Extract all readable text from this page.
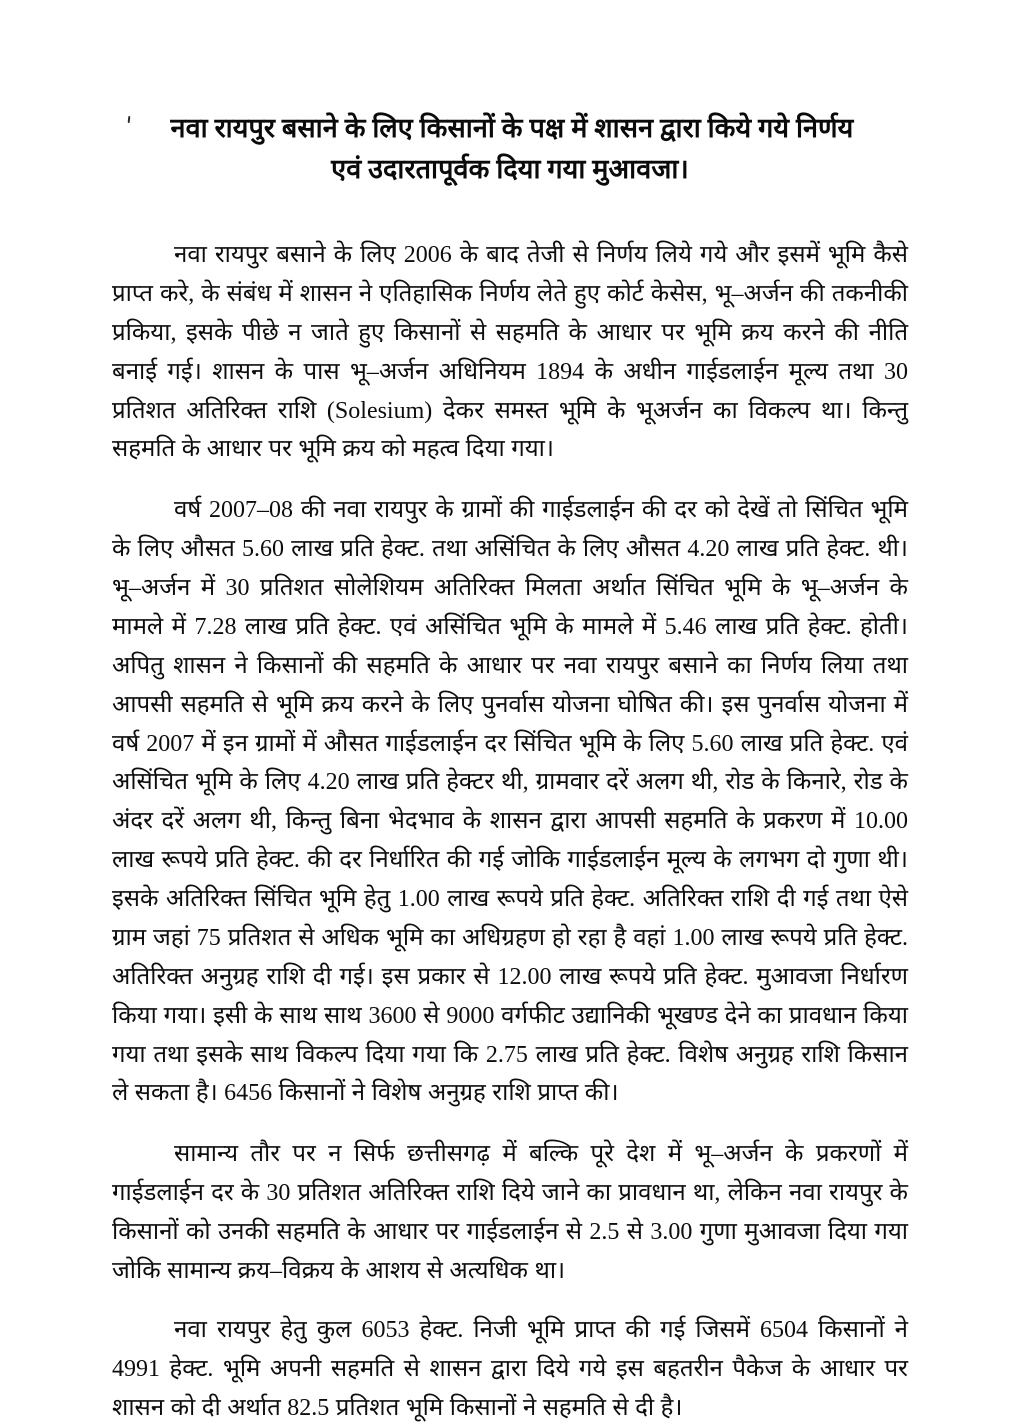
नवा रायपुर बसाने के लिए किसानों के पक्ष में शासन द्वारा किये गये निर्णय
एवं उदारतापूर्वक दिया गया मुआवजा।

नवा रायपुर बसाने के लिए 2006 के बाद तेजी से निर्णय लिये गये और इसमें भूमि कैसे प्राप्त करे, के संबंध में शासन ने एतिहासिक निर्णय लेते हुए कोर्ट केसेस, भू–अर्जन की तकनीकी प्रकिया, इसके पीछे न जाते हुए किसानों से सहमति के आधार पर भूमि क्रय करने की नीति बनाई गई। शासन के पास भू–अर्जन अधिनियम 1894 के अधीन गाईडलाईन मूल्य तथा 30 प्रतिशत अतिरिक्त राशि (Solesium) देकर समस्त भूमि के भूअर्जन का विकल्प था। किन्तु सहमति के आधार पर भूमि क्रय को महत्व दिया गया।

वर्ष 2007–08 की नवा रायपुर के ग्रामों की गाईडलाईन की दर को देखें तो सिंचित भूमि के लिए औसत 5.60 लाख प्रति हेक्ट. तथा असिंचित के लिए औसत 4.20 लाख प्रति हेक्ट. थी। भू–अर्जन में 30 प्रतिशत सोलेशियम अतिरिक्त मिलता अर्थात सिंचित भूमि के भू–अर्जन के मामले में 7.28 लाख प्रति हेक्ट. एवं असिंचित भूमि के मामले में 5.46 लाख प्रति हेक्ट. होती। अपितु शासन ने किसानों की सहमति के आधार पर नवा रायपुर बसाने का निर्णय लिया तथा आपसी सहमति से भूमि क्रय करने के लिए पुनर्वास योजना घोषित की। इस पुनर्वास योजना में वर्ष 2007 में इन ग्रामों में औसत गाईडलाईन दर सिंचित भूमि के लिए 5.60 लाख प्रति हेक्ट. एवं असिंचित भूमि के लिए 4.20 लाख प्रति हेक्टर थी, ग्रामवार दरें अलग थी, रोड के किनारे, रोड के अंदर दरें अलग थी, किन्तु बिना भेदभाव के शासन द्वारा आपसी सहमति के प्रकरण में 10.00 लाख रूपये प्रति हेक्ट. की दर निर्धारित की गई जोकि गाईडलाईन मूल्य के लगभग दो गुणा थी। इसके अतिरिक्त सिंचित भूमि हेतु 1.00 लाख रूपये प्रति हेक्ट. अतिरिक्त राशि दी गई तथा ऐसे ग्राम जहां 75 प्रतिशत से अधिक भूमि का अधिग्रहण हो रहा है वहां 1.00 लाख रूपये प्रति हेक्ट. अतिरिक्त अनुग्रह राशि दी गई। इस प्रकार से 12.00 लाख रूपये प्रति हेक्ट. मुआवजा निर्धारण किया गया। इसी के साथ साथ 3600 से 9000 वर्गफीट उद्यानिकी भूखण्ड देने का प्रावधान किया गया तथा इसके साथ विकल्प दिया गया कि 2.75 लाख प्रति हेक्ट. विशेष अनुग्रह राशि किसान ले सकता है। 6456 किसानों ने विशेष अनुग्रह राशि प्राप्त की।

सामान्य तौर पर न सिर्फ छत्तीसगढ़ में बल्कि पूरे देश में भू–अर्जन के प्रकरणों में गाईडलाईन दर के 30 प्रतिशत अतिरिक्त राशि दिये जाने का प्रावधान था, लेकिन नवा रायपुर के किसानों को उनकी सहमति के आधार पर गाईडलाईन से 2.5 से 3.00 गुणा मुआवजा दिया गया जोकि सामान्य क्रय–विक्रय के आशय से अत्यधिक था।

नवा रायपुर हेतु कुल 6053 हेक्ट. निजी भूमि प्राप्त की गई जिसमें 6504 किसानों ने 4991 हेक्ट. भूमि अपनी सहमति से शासन द्वारा दिये गये इस बहतरीन पैकेज के आधार पर शासन को दी अर्थात 82.5 प्रतिशत भूमि किसानों ने सहमति से दी है।
